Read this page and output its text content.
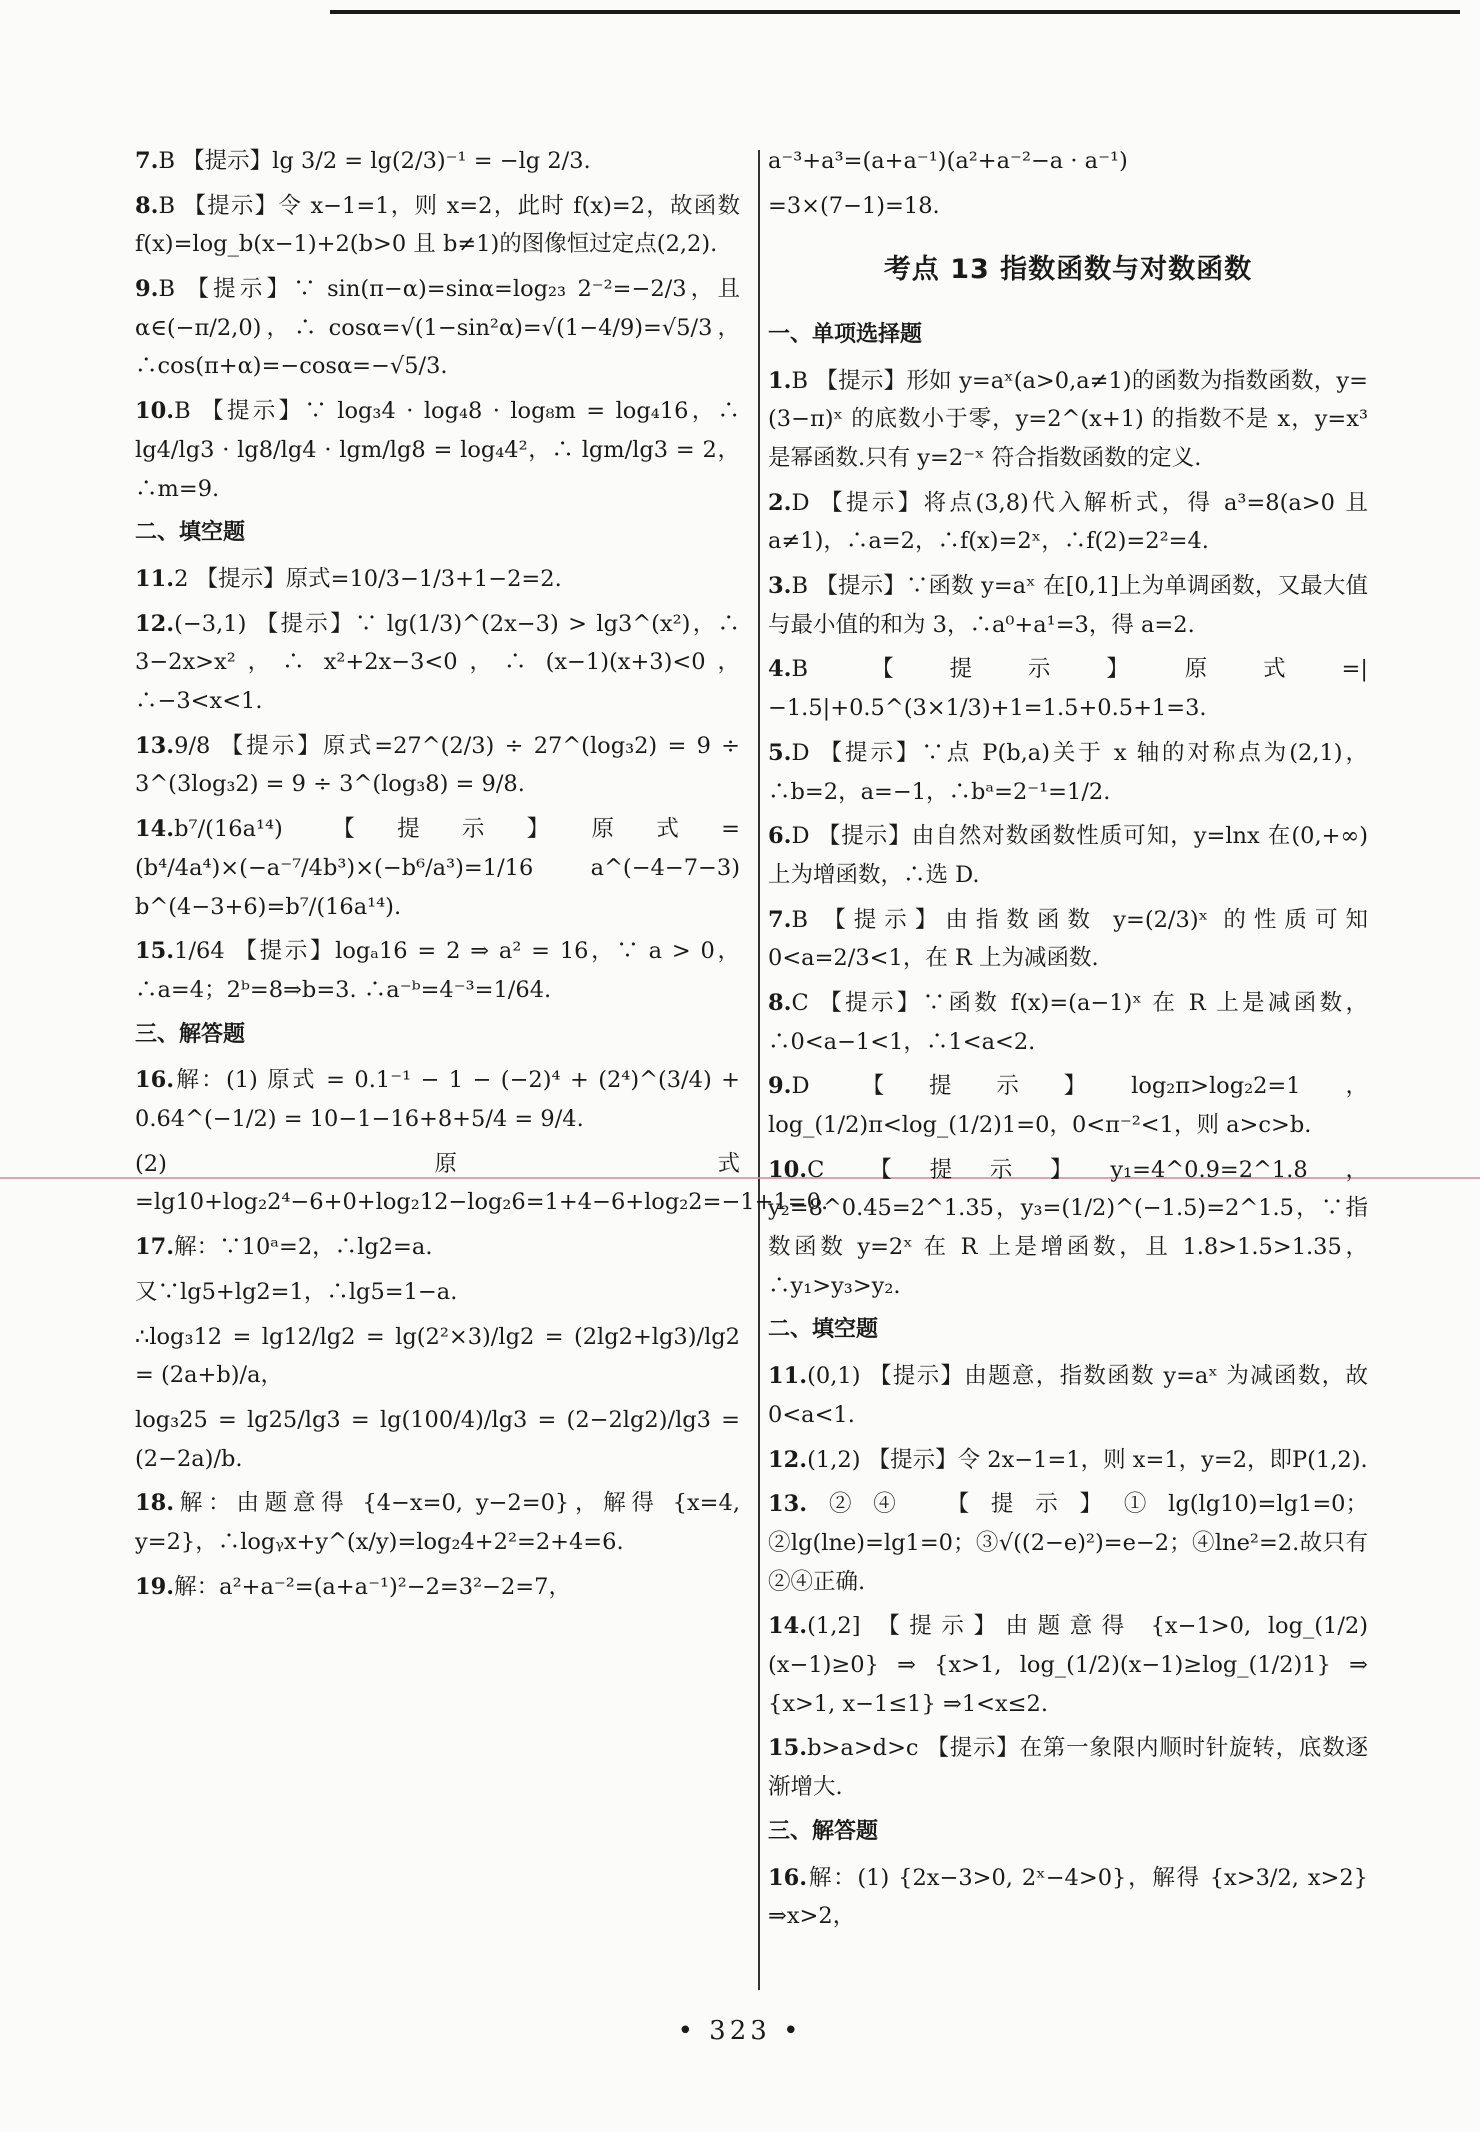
7.B 【提示】lg 3/2 = lg(2/3)⁻¹ = −lg 2/3.

8.B 【提示】令 x−1=1，则 x=2，此时 f(x)=2，故函数 f(x)=log_b(x−1)+2(b>0 且 b≠1)的图像恒过定点(2,2).

9.B 【提示】∵ sin(π−α)=sinα=log₂₃ 2⁻²=−2/3，且 α∈(−π/2,0)，∴ cosα=√(1−sin²α)=√(1−4/9)=√5/3，∴cos(π+α)=−cosα=−√5/3.

10.B 【提示】∵ log₃4 · log₄8 · log₈m = log₄16，∴ lg4/lg3 · lg8/lg4 · lgm/lg8 = log₄4²，∴ lgm/lg3 = 2，∴m=9.

二、填空题

11.2 【提示】原式=10/3−1/3+1−2=2.

12.(−3,1) 【提示】∵ lg(1/3)^(2x−3) > lg3^(x²)，∴ 3−2x>x²，∴ x²+2x−3<0，∴ (x−1)(x+3)<0，∴−3<x<1.

13.9/8 【提示】原式=27^(2/3) ÷ 27^(log₃2) = 9 ÷ 3^(3log₃2) = 9 ÷ 3^(log₃8) = 9/8.

14.b⁷/(16a¹⁴) 【提示】原式=(b⁴/4a⁴)×(−a⁻⁷/4b³)×(−b⁶/a³)=1/16 a^(−4−7−3) b^(4−3+6)=b⁷/(16a¹⁴).

15.1/64 【提示】logₐ16 = 2 ⇒ a² = 16，∵ a > 0，∴a=4；2ᵇ=8⇒b=3. ∴a⁻ᵇ=4⁻³=1/64.

三、解答题

16.解：(1) 原式 = 0.1⁻¹ − 1 − (−2)⁴ + (2⁴)^(3/4) + 0.64^(−1/2) = 10−1−16+8+5/4 = 9/4.

(2) 原式=lg10+log₂2⁴−6+0+log₂12−log₂6=1+4−6+log₂2=−1+1=0.

17.解：∵10ᵃ=2，∴lg2=a.

又∵lg5+lg2=1，∴lg5=1−a.

∴log₃12 = lg12/lg2 = lg(2²×3)/lg2 = (2lg2+lg3)/lg2 = (2a+b)/a，

log₃25 = lg25/lg3 = lg(100/4)/lg3 = (2−2lg2)/lg3 = (2−2a)/b.

18.解：由题意得 {4−x=0, y−2=0}，解得 {x=4, y=2}，∴logᵧx+y^(x/y)=log₂4+2²=2+4=6.

19.解：a²+a⁻²=(a+a⁻¹)²−2=3²−2=7，

a⁻³+a³=(a+a⁻¹)(a²+a⁻²−a · a⁻¹)

=3×(7−1)=18.

考点 13 指数函数与对数函数
一、单项选择题

1.B 【提示】形如 y=aˣ(a>0,a≠1)的函数为指数函数，y=(3−π)ˣ 的底数小于零，y=2^(x+1) 的指数不是 x，y=x³是幂函数.只有 y=2⁻ˣ 符合指数函数的定义.

2.D 【提示】将点(3,8)代入解析式，得 a³=8(a>0 且 a≠1)，∴a=2，∴f(x)=2ˣ，∴f(2)=2²=4.

3.B 【提示】∵函数 y=aˣ 在[0,1]上为单调函数，又最大值与最小值的和为 3，∴a⁰+a¹=3，得 a=2.

4.B 【提示】原式=|−1.5|+0.5^(3×1/3)+1=1.5+0.5+1=3.

5.D 【提示】∵点 P(b,a)关于 x 轴的对称点为(2,1)，∴b=2，a=−1，∴bᵃ=2⁻¹=1/2.

6.D 【提示】由自然对数函数性质可知，y=lnx 在(0,+∞)上为增函数，∴选 D.

7.B 【提示】由指数函数 y=(2/3)ˣ 的性质可知 0<a=2/3<1，在 R 上为减函数.

8.C 【提示】∵函数 f(x)=(a−1)ˣ 在 R 上是减函数，∴0<a−1<1，∴1<a<2.

9.D 【提示】log₂π>log₂2=1，log_(1/2)π<log_(1/2)1=0，0<π⁻²<1，则 a>c>b.

10.C 【提示】y₁=4^0.9=2^1.8，y₂=8^0.45=2^1.35，y₃=(1/2)^(−1.5)=2^1.5，∵指数函数 y=2ˣ 在 R 上是增函数，且 1.8>1.5>1.35，∴y₁>y₃>y₂.

二、填空题

11.(0,1) 【提示】由题意，指数函数 y=aˣ 为减函数，故 0<a<1.

12.(1,2) 【提示】令 2x−1=1，则 x=1，y=2，即P(1,2).

13.②④ 【提示】①lg(lg10)=lg1=0；②lg(lne)=lg1=0；③√((2−e)²)=e−2；④lne²=2.故只有②④正确.

14.(1,2] 【提示】由题意得 {x−1>0, log_(1/2)(x−1)≥0} ⇒ {x>1, log_(1/2)(x−1)≥log_(1/2)1} ⇒ {x>1, x−1≤1} ⇒1<x≤2.

15.b>a>d>c 【提示】在第一象限内顺时针旋转，底数逐渐增大.

三、解答题

16.解：(1) {2x−3>0, 2ˣ−4>0}，解得 {x>3/2, x>2} ⇒x>2，

• 323 •
